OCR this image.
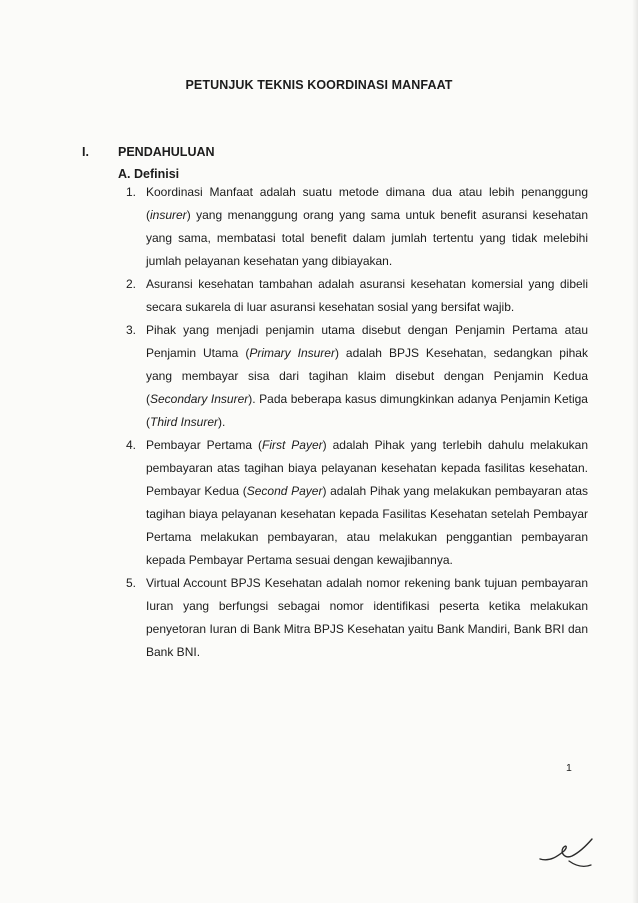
PETUNJUK TEKNIS KOORDINASI MANFAAT
I. PENDAHULUAN
A. Definisi
1. Koordinasi Manfaat adalah suatu metode dimana dua atau lebih penanggung (insurer) yang menanggung orang yang sama untuk benefit asuransi kesehatan yang sama, membatasi total benefit dalam jumlah tertentu yang tidak melebihi jumlah pelayanan kesehatan yang dibiayakan.
2. Asuransi kesehatan tambahan adalah asuransi kesehatan komersial yang dibeli secara sukarela di luar asuransi kesehatan sosial yang bersifat wajib.
3. Pihak yang menjadi penjamin utama disebut dengan Penjamin Pertama atau Penjamin Utama (Primary Insurer) adalah BPJS Kesehatan, sedangkan pihak yang membayar sisa dari tagihan klaim disebut dengan Penjamin Kedua (Secondary Insurer). Pada beberapa kasus dimungkinkan adanya Penjamin Ketiga (Third Insurer).
4. Pembayar Pertama (First Payer) adalah Pihak yang terlebih dahulu melakukan pembayaran atas tagihan biaya pelayanan kesehatan kepada fasilitas kesehatan. Pembayar Kedua (Second Payer) adalah Pihak yang melakukan pembayaran atas tagihan biaya pelayanan kesehatan kepada Fasilitas Kesehatan setelah Pembayar Pertama melakukan pembayaran, atau melakukan penggantian pembayaran kepada Pembayar Pertama sesuai dengan kewajibannya.
5. Virtual Account BPJS Kesehatan adalah nomor rekening bank tujuan pembayaran Iuran yang berfungsi sebagai nomor identifikasi peserta ketika melakukan penyetoran Iuran di Bank Mitra BPJS Kesehatan yaitu Bank Mandiri, Bank BRI dan Bank BNI.
1
